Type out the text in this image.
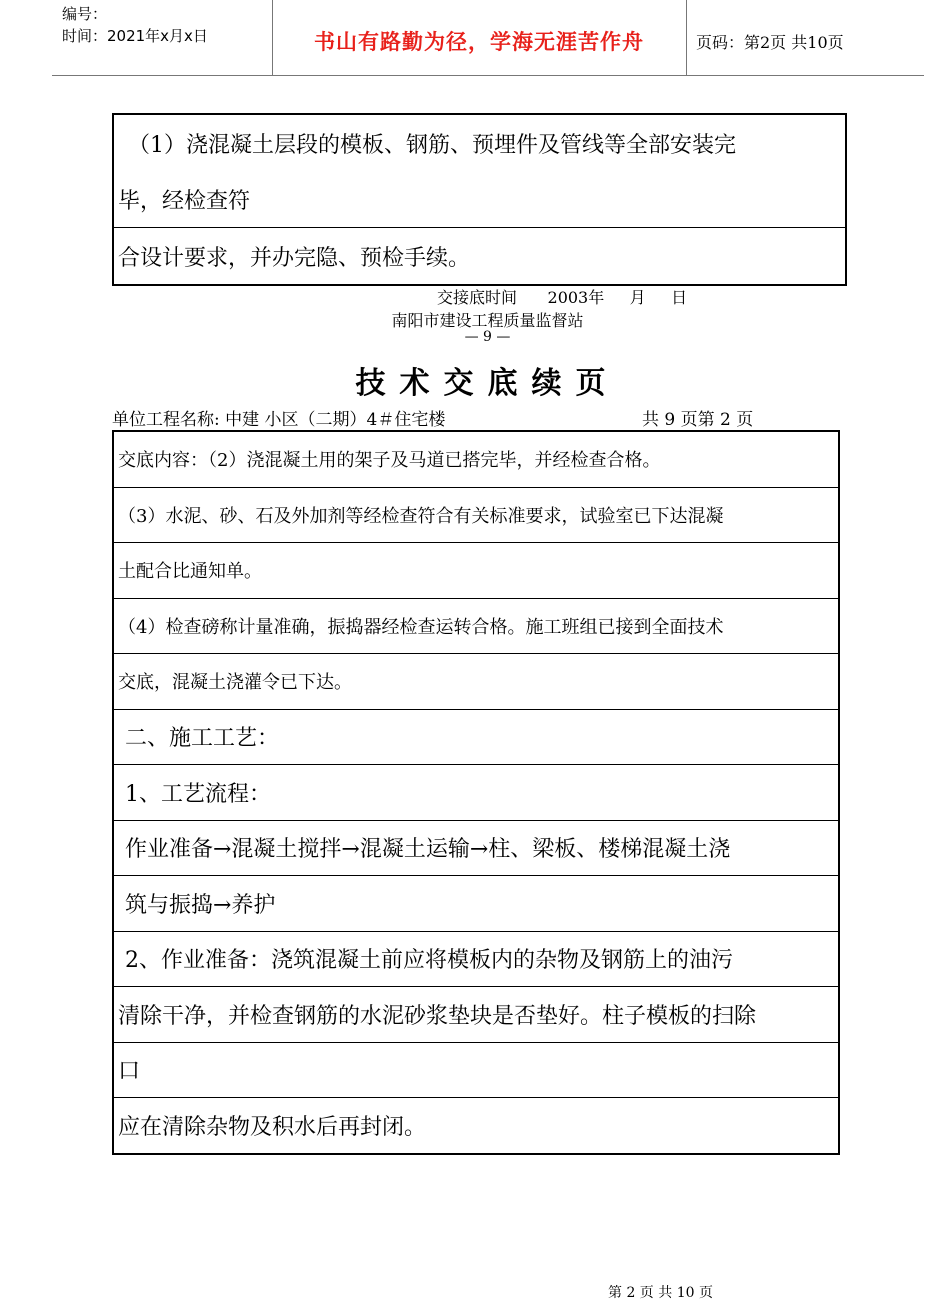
编号：
时间：2021年x月x日	书山有路勤为径，学海无涯苦作舟	页码：第2页 共10页
（1）浇混凝土层段的模板、钢筋、预埋件及管线等全部安装完
毕，经检查符
合设计要求，并办完隐、预检手续。
交接底时间      2003年     月     日
南阳市建设工程质量监督站
— 9 —
技术交底续页
单位工程名称: 中建 小区（二期）4＃住宅楼	共 9 页第 2 页
交底内容：（2）浇混凝土用的架子及马道已搭完毕，并经检查合格。
（3）水泥、砂、石及外加剂等经检查符合有关标准要求，试验室已下达混凝
土配合比通知单。
（4）检查磅称计量准确，振捣器经检查运转合格。施工班组已接到全面技术
交底，混凝土浇灌令已下达。
二、施工工艺：
1、工艺流程：
作业准备→混凝土搅拌→混凝土运输→柱、梁板、楼梯混凝土浇
筑与振捣→养护
2、作业准备：浇筑混凝土前应将模板内的杂物及钢筋上的油污
清除干净，并检查钢筋的水泥砂浆垫块是否垫好。柱子模板的扫除
口
应在清除杂物及积水后再封闭。
第 2 页 共 10 页
